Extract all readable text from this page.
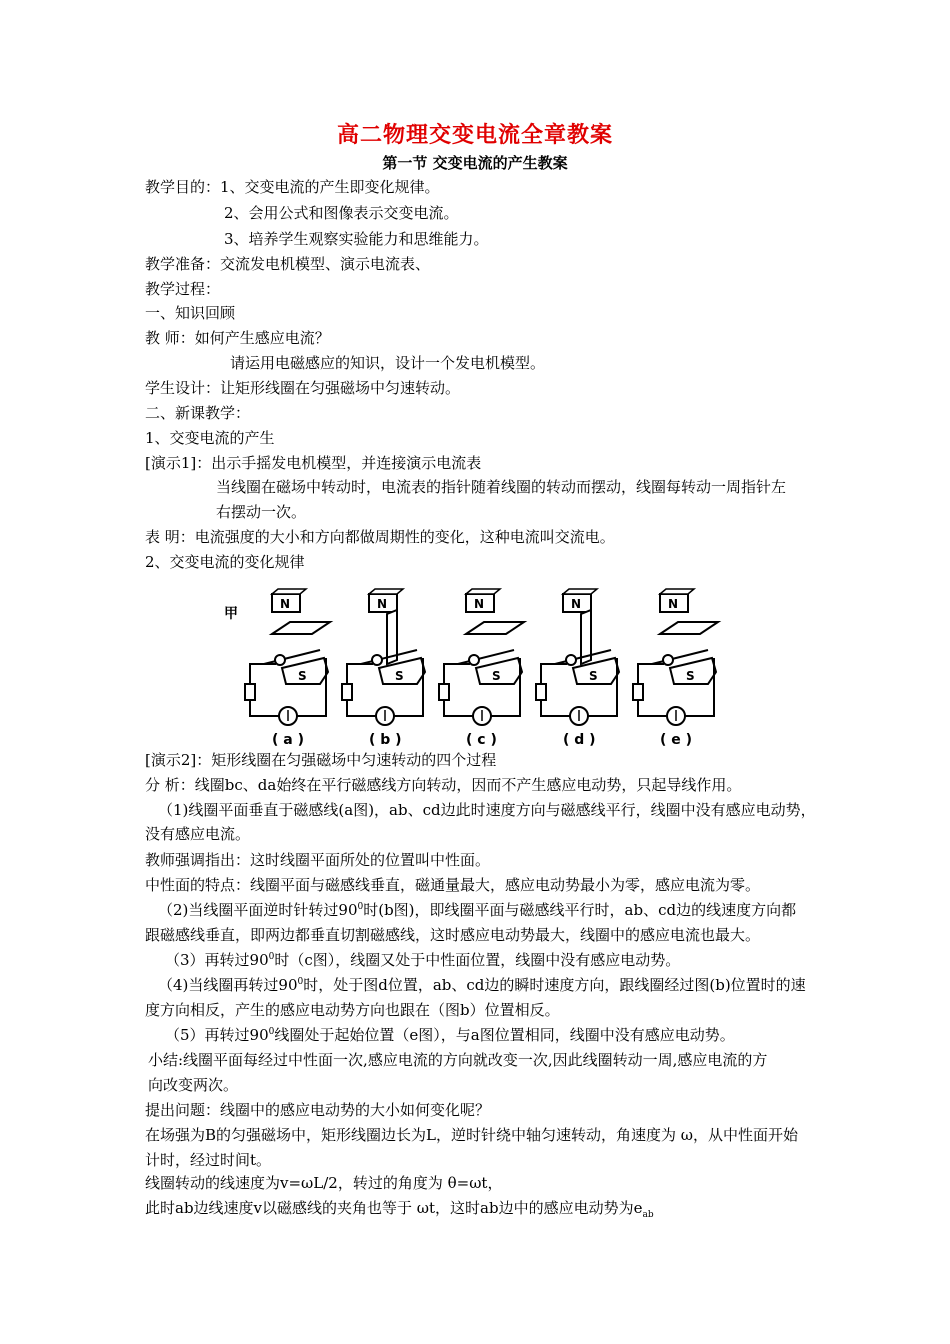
高二物理交变电流全章教案
第一节 交变电流的产生教案
教学目的：1、交变电流的产生即变化规律。
2、会用公式和图像表示交变电流。
3、培养学生观察实验能力和思维能力。
教学准备：交流发电机模型、演示电流表、
教学过程：
一、知识回顾
教 师：如何产生感应电流？
请运用电磁感应的知识，设计一个发电机模型。
学生设计：让矩形线圈在匀强磁场中匀速转动。
二、新课教学：
1、交变电流的产生
[演示1]：出示手摇发电机模型，并连接演示电流表
当线圈在磁场中转动时，电流表的指针随着线圈的转动而摆动，线圈每转动一周指针左
右摆动一次。
表 明：电流强度的大小和方向都做周期性的变化，这种电流叫交流电。
2、交变电流的变化规律
甲
N
S
( a )
N
S
( b )
N
S
( c )
N
S
( d )
N
S
( e )
[演示2]：矩形线圈在匀强磁场中匀速转动的四个过程
分 析：线圈bc、da始终在平行磁感线方向转动，因而不产生感应电动势，只起导线作用。
（1)线圈平面垂直于磁感线(a图)，ab、cd边此时速度方向与磁感线平行，线圈中没有感应电动势，
没有感应电流。
教师强调指出：这时线圈平面所处的位置叫中性面。
中性面的特点：线圈平面与磁感线垂直，磁通量最大，感应电动势最小为零，感应电流为零。
（2)当线圈平面逆时针转过$90^0$时(b图)，即线圈平面与磁感线平行时，ab、cd边的线速度方向都
跟磁感线垂直，即两边都垂直切割磁感线，这时感应电动势最大，线圈中的感应电流也最大。
（3）再转过$90^0$时（c图），线圈又处于中性面位置，线圈中没有感应电动势。
（4)当线圈再转过$90^0$时，处于图d位置，ab、cd边的瞬时速度方向，跟线圈经过图(b)位置时的速
度方向相反，产生的感应电动势方向也跟在（图b）位置相反。
（5）再转过$90^0$线圈处于起始位置（e图），与a图位置相同，线圈中没有感应电动势。
小结:线圈平面每经过中性面一次,感应电流的方向就改变一次,因此线圈转动一周,感应电流的方
向改变两次。
提出问题：线圈中的感应电动势的大小如何变化呢？
在场强为B的匀强磁场中，矩形线圈边长为L，逆时针绕中轴匀速转动，角速度为 ω，从中性面开始
计时，经过时间t。
线圈转动的线速度为v=ωL/2，转过的角度为 θ=ωt，
此时ab边线速度v以磁感线的夹角也等于 ωt，这时ab边中的感应电动势为$e_{ab}$
